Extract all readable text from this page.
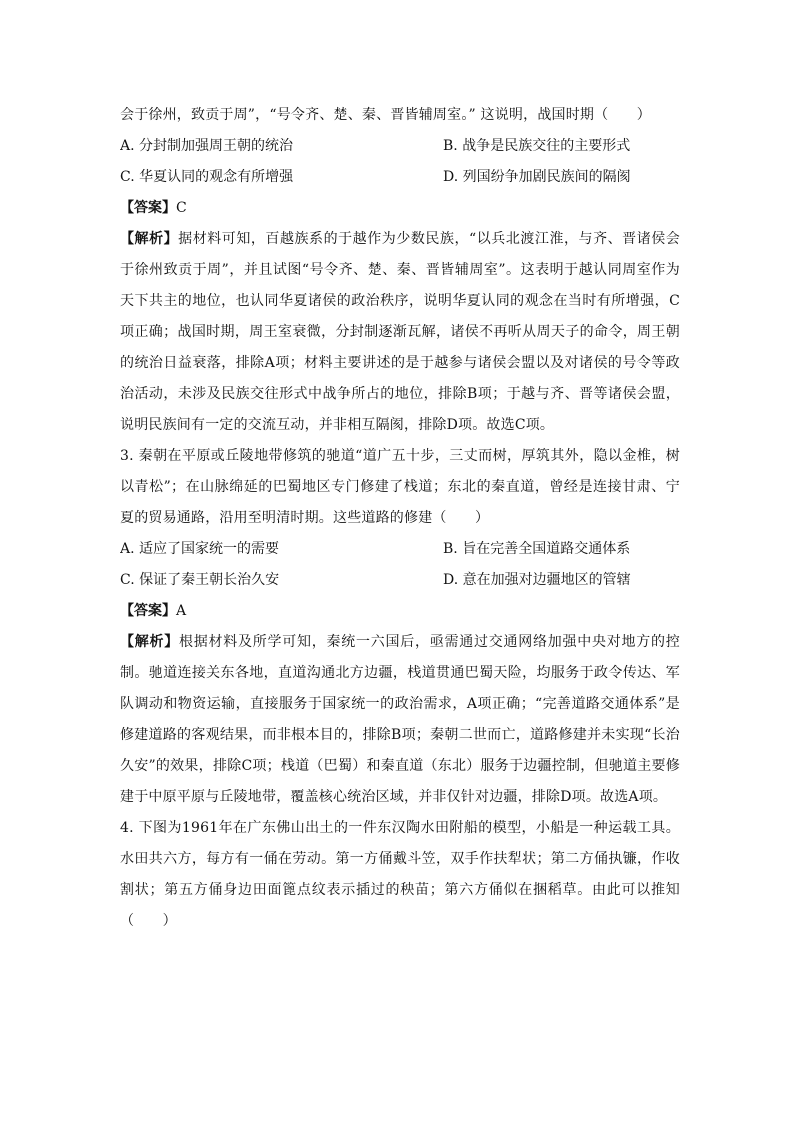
会于徐州，致贡于周”，“号令齐、楚、秦、晋皆辅周室。” 这说明，战国时期（　　）

A. 分封制加强周王朝的统治	B. 战争是民族交往的主要形式
C. 华夏认同的观念有所增强	D. 列国纷争加剧民族间的隔阂
【答案】C

【解析】据材料可知，百越族系的于越作为少数民族，“以兵北渡江淮，与齐、晋诸侯会于徐州致贡于周”，并且试图“号令齐、楚、秦、晋皆辅周室”。这表明于越认同周室作为天下共主的地位，也认同华夏诸侯的政治秩序，说明华夏认同的观念在当时有所增强，C项正确；战国时期，周王室衰微，分封制逐渐瓦解，诸侯不再听从周天子的命令，周王朝的统治日益衰落，排除A项；材料主要讲述的是于越参与诸侯会盟以及对诸侯的号令等政治活动，未涉及民族交往形式中战争所占的地位，排除B项；于越与齐、晋等诸侯会盟，说明民族间有一定的交流互动，并非相互隔阂，排除D项。故选C项。

3. 秦朝在平原或丘陵地带修筑的驰道“道广五十步，三丈而树，厚筑其外，隐以金椎，树以青松”；在山脉绵延的巴蜀地区专门修建了栈道；东北的秦直道，曾经是连接甘肃、宁夏的贸易通路，沿用至明清时期。这些道路的修建（　　）

A. 适应了国家统一的需要	B. 旨在完善全国道路交通体系
C. 保证了秦王朝长治久安	D. 意在加强对边疆地区的管辖
【答案】A

【解析】根据材料及所学可知，秦统一六国后，亟需通过交通网络加强中央对地方的控制。驰道连接关东各地，直道沟通北方边疆，栈道贯通巴蜀天险，均服务于政令传达、军队调动和物资运输，直接服务于国家统一的政治需求，A项正确；“完善道路交通体系”是修建道路的客观结果，而非根本目的，排除B项；秦朝二世而亡，道路修建并未实现“长治久安”的效果，排除C项；栈道（巴蜀）和秦直道（东北）服务于边疆控制，但驰道主要修建于中原平原与丘陵地带，覆盖核心统治区域，并非仅针对边疆，排除D项。故选A项。

4. 下图为1961年在广东佛山出土的一件东汉陶水田附船的模型，小船是一种运载工具。水田共六方，每方有一俑在劳动。第一方俑戴斗笠，双手作扶犁状；第二方俑执镰，作收割状；第五方俑身边田面篦点纹表示插过的秧苗；第六方俑似在捆稻草。由此可以推知（　　）
